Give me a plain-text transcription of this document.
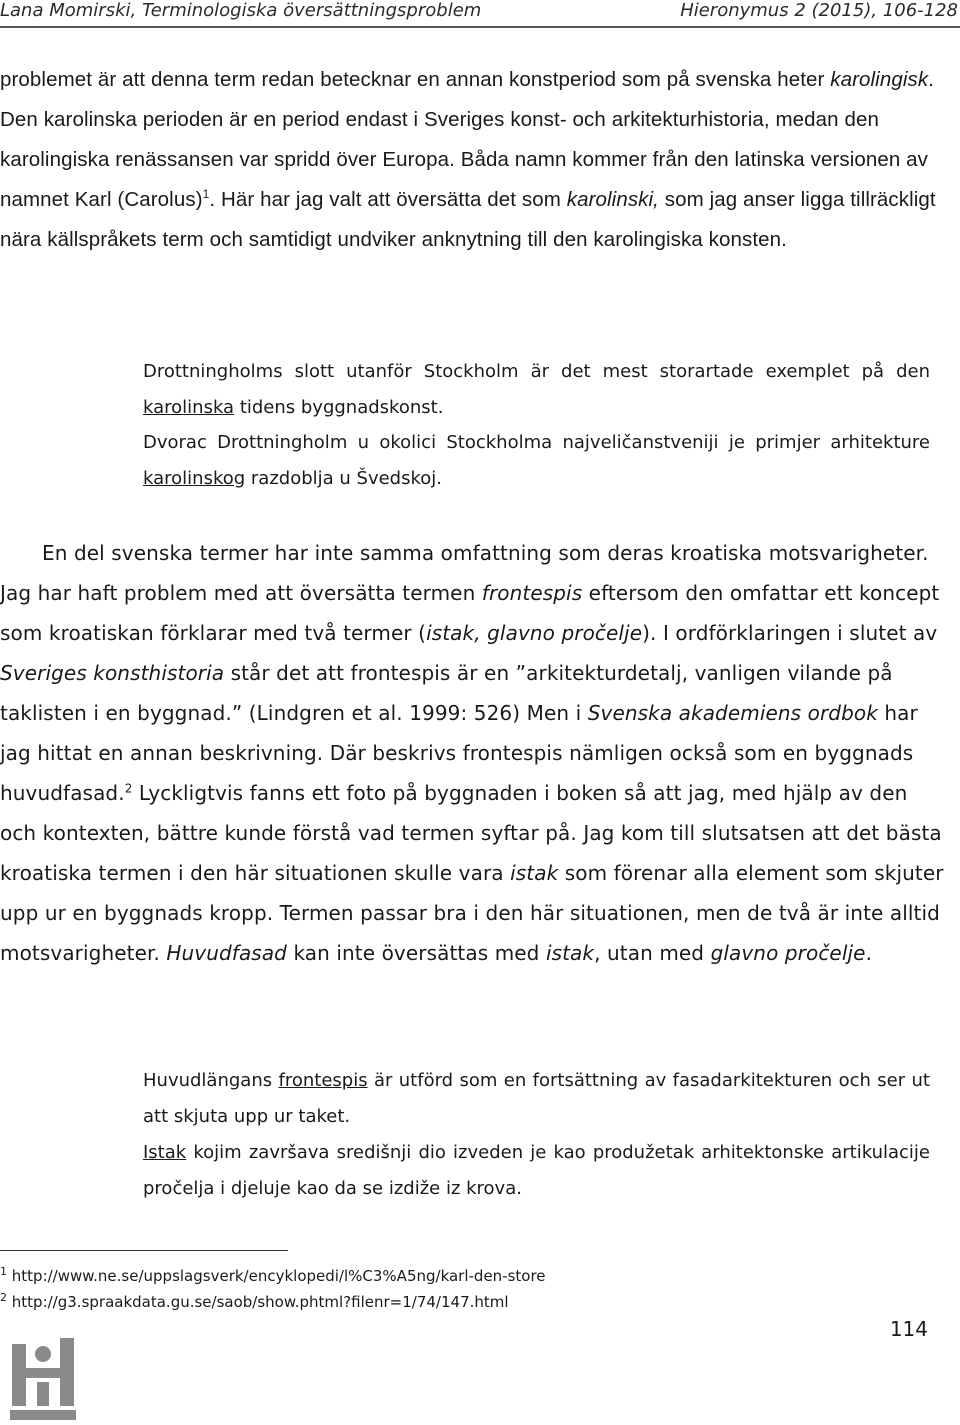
Lana Momirski, Terminologiska översättningsproblem	Hieronymus 2 (2015), 106-128

problemet är att denna term redan betecknar en annan konstperiod som på svenska heter karolingisk. Den karolinska perioden är en period endast i Sveriges konst- och arkitekturhistoria, medan den karolingiska renässansen var spridd över Europa. Båda namn kommer från den latinska versionen av namnet Karl (Carolus)$^1$. Här har jag valt att översätta det som karolinski, som jag anser ligga tillräckligt nära källspråkets term och samtidigt undviker anknytning till den karolingiska konsten.

Drottningholms slott utanför Stockholm är det mest storartade exemplet på den karolinska tidens byggnadskonst.

Dvorac Drottningholm u okolici Stockholma najveličanstveniji je primjer arhitekture karolinskog razdoblja u Švedskoj.

En del svenska termer har inte samma omfattning som deras kroatiska motsvarigheter. Jag har haft problem med att översätta termen frontespis eftersom den omfattar ett koncept som kroatiskan förklarar med två termer (istak, glavno pročelje). I ordförklaringen i slutet av Sveriges konsthistoria står det att frontespis är en ”arkitekturdetalj, vanligen vilande på taklisten i en byggnad.” (Lindgren et al. 1999: 526) Men i Svenska akademiens ordbok har jag hittat en annan beskrivning. Där beskrivs frontespis nämligen också som en byggnads huvudfasad.$^2$ Lyckligtvis fanns ett foto på byggnaden i boken så att jag, med hjälp av den och kontexten, bättre kunde förstå vad termen syftar på. Jag kom till slutsatsen att det bästa kroatiska termen i den här situationen skulle vara istak som förenar alla element som skjuter upp ur en byggnads kropp. Termen passar bra i den här situationen, men de två är inte alltid motsvarigheter. Huvudfasad kan inte översättas med istak, utan med glavno pročelje.

Huvudlängans frontespis är utförd som en fortsättning av fasadarkitekturen och ser ut att skjuta upp ur taket.

Istak kojim završava središnji dio izveden je kao produžetak arhitektonske artikulacije pročelja i djeluje kao da se izdiže iz krova.

$^1$ http://www.ne.se/uppslagsverk/encyklopedi/l%C3%A5ng/karl-den-store
$^2$ http://g3.spraakdata.gu.se/saob/show.phtml?filenr=1/74/147.html
114
